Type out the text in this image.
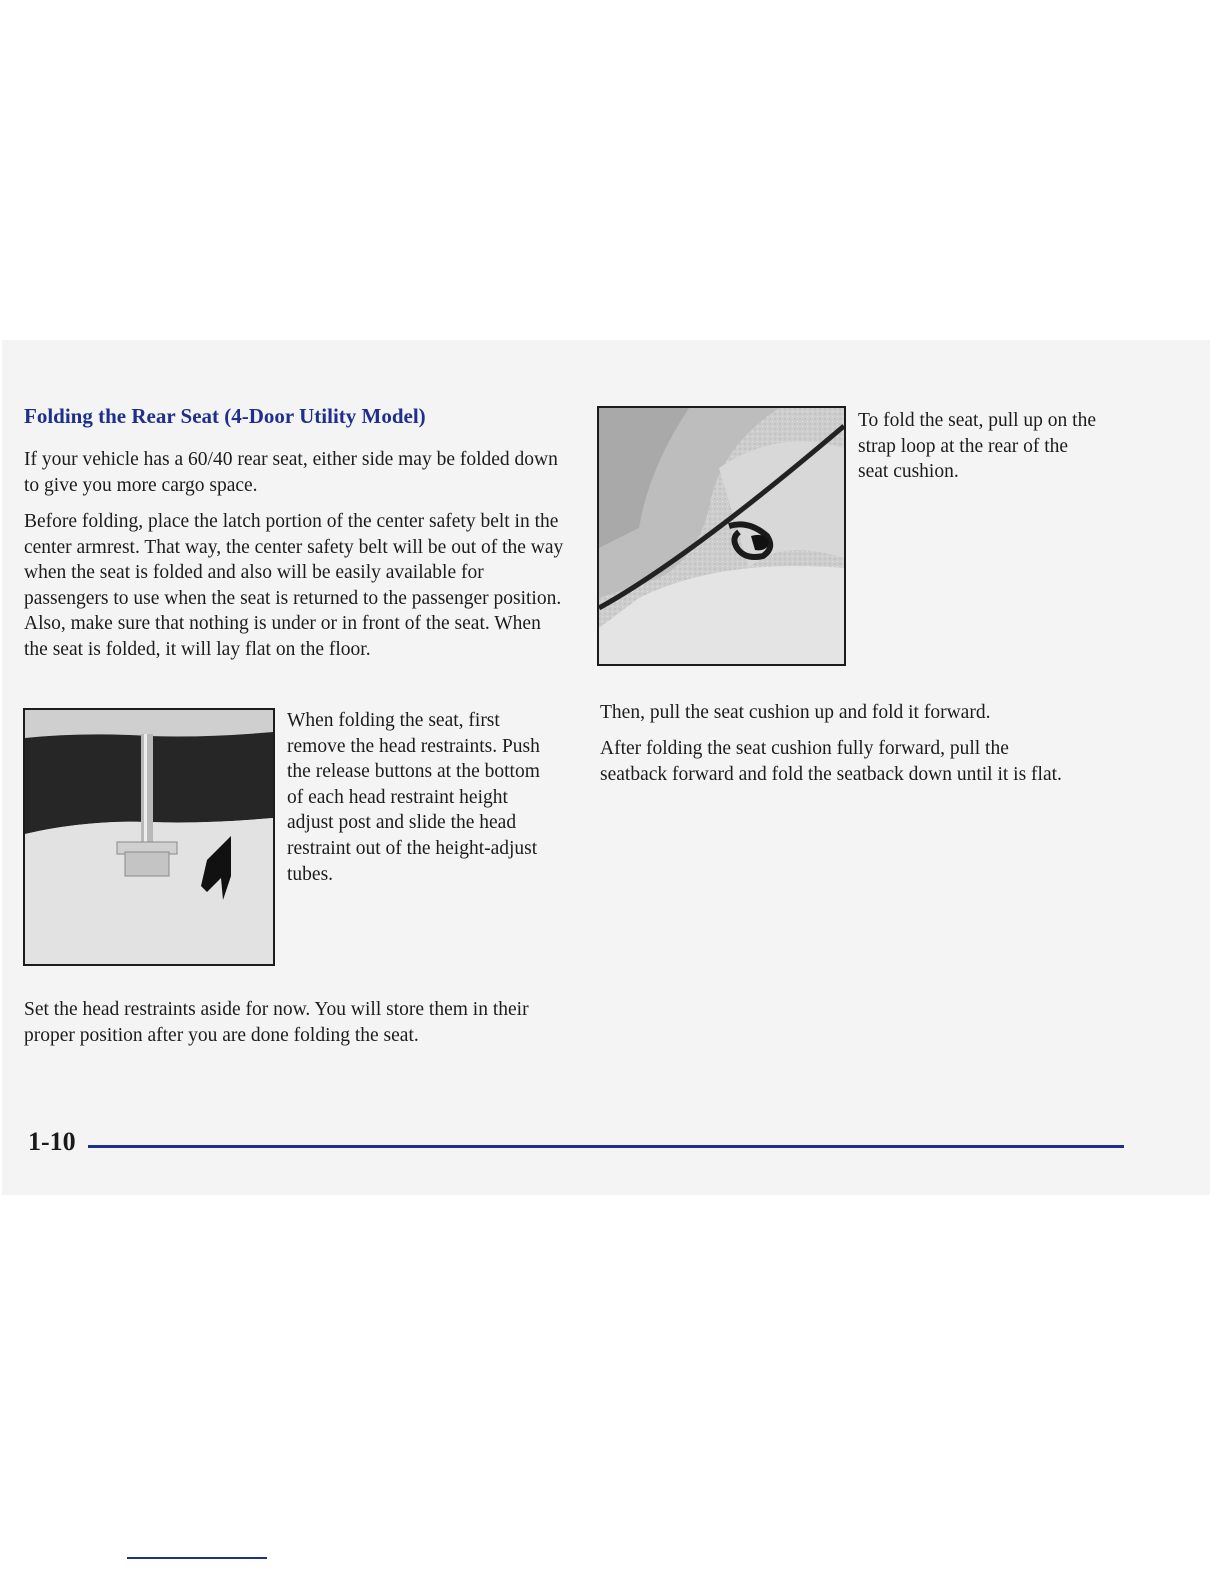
Folding the Rear Seat (4-Door Utility Model)

If your vehicle has a 60/40 rear seat, either side may be folded down to give you more cargo space.

Before folding, place the latch portion of the center safety belt in the center armrest. That way, the center safety belt will be out of the way when the seat is folded and also will be easily available for passengers to use when the seat is returned to the passenger position. Also, make sure that nothing is under or in front of the seat. When the seat is folded, it will lay flat on the floor.

When folding the seat, first remove the head restraints. Push the release buttons at the bottom of each head restraint height adjust post and slide the head restraint out of the height-adjust tubes.

Set the head restraints aside for now. You will store them in their proper position after you are done folding the seat.

To fold the seat, pull up on the strap loop at the rear of the seat cushion.

Then, pull the seat cushion up and fold it forward.

After folding the seat cushion fully forward, pull the seatback forward and fold the seatback down until it is flat.

1-10
